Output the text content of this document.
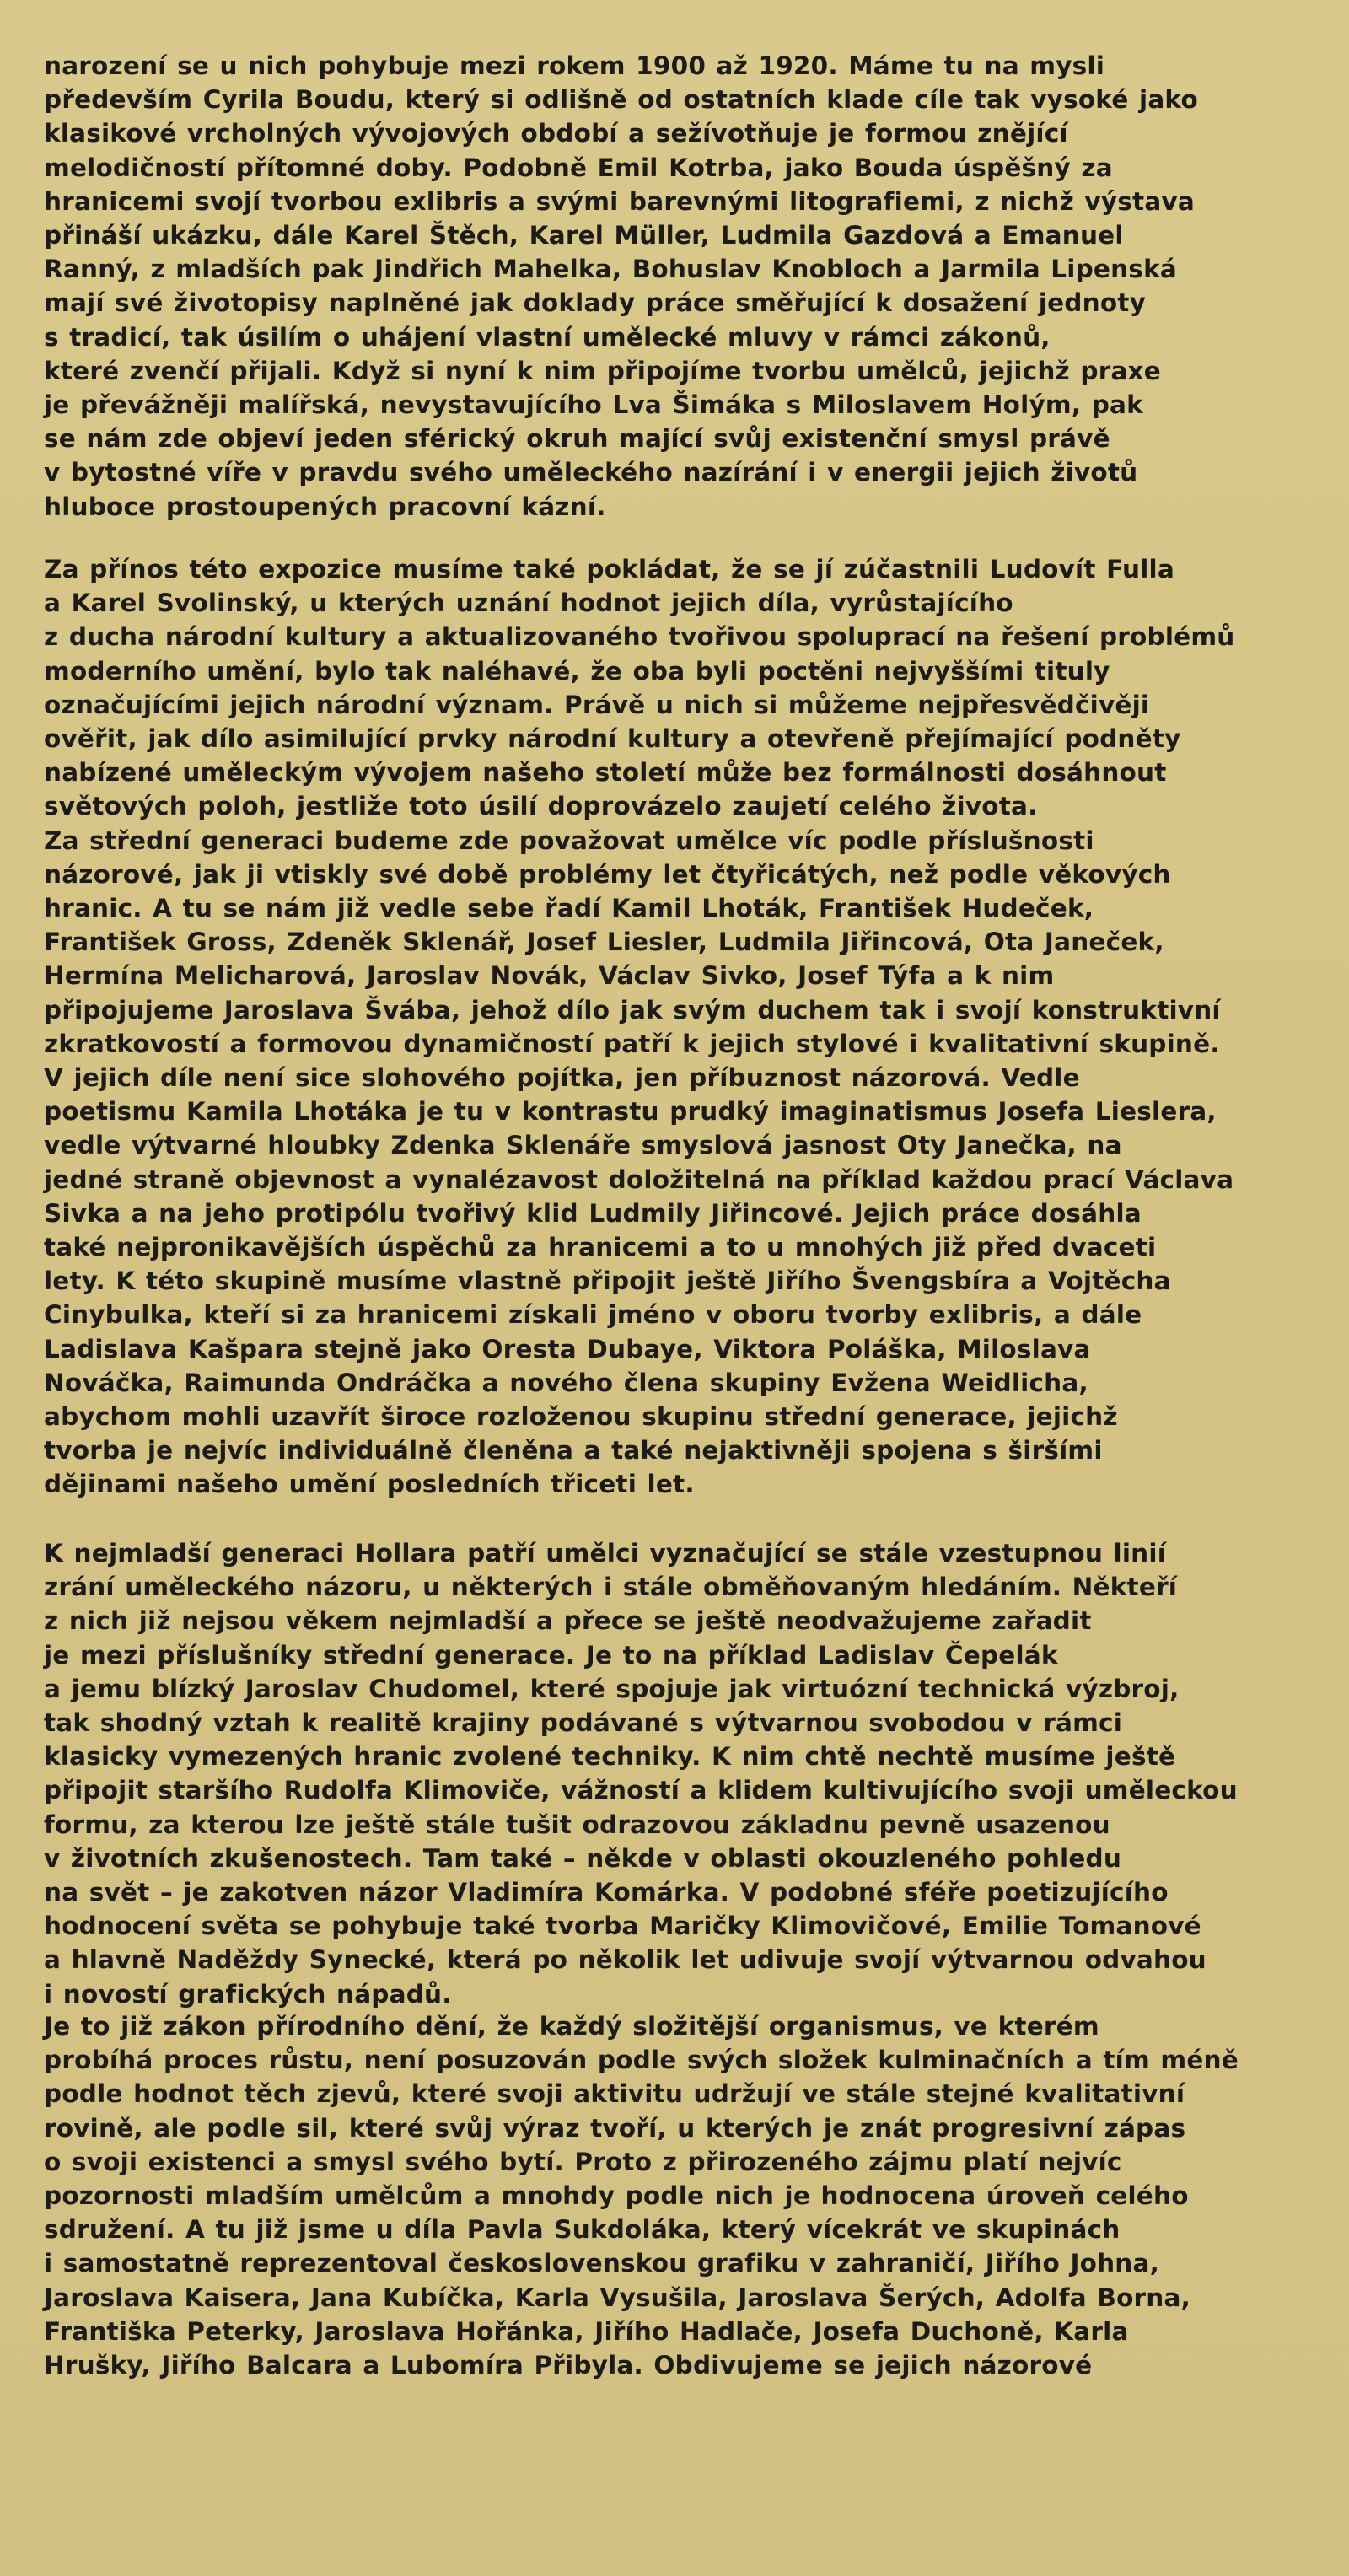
narození se u nich pohybuje mezi rokem 1900 až 1920. Máme tu na mysli
především Cyrila Boudu, který si odlišně od ostatních klade cíle tak vysoké jako
klasikové vrcholných vývojových období a sežívotňuje je formou znějící
melodičností přítomné doby. Podobně Emil Kotrba, jako Bouda úspěšný za
hranicemi svojí tvorbou exlibris a svými barevnými litografiemi, z nichž výstava
přináší ukázku, dále Karel Štěch, Karel Müller, Ludmila Gazdová a Emanuel
Ranný, z mladších pak Jindřich Mahelka, Bohuslav Knobloch a Jarmila Lipenská
mají své životopisy naplněné jak doklady práce směřující k dosažení jednoty
s tradicí, tak úsilím o uhájení vlastní umělecké mluvy v rámci zákonů,
které zvenčí přijali. Když si nyní k nim připojíme tvorbu umělců, jejichž praxe
je převážněji malířská, nevystavujícího Lva Šimáka s Miloslavem Holým, pak
se nám zde objeví jeden sférický okruh mající svůj existenční smysl právě
v bytostné víře v pravdu svého uměleckého nazírání i v energii jejich životů
hluboce prostoupených pracovní kázní.
Za přínos této expozice musíme také pokládat, že se jí zúčastnili Ludovít Fulla
a Karel Svolinský, u kterých uznání hodnot jejich díla, vyrůstajícího
z ducha národní kultury a aktualizovaného tvořivou spoluprací na řešení problémů
moderního umění, bylo tak naléhavé, že oba byli poctěni nejvyššími tituly
označujícími jejich národní význam. Právě u nich si můžeme nejpřesvědčivěji
ověřit, jak dílo asimilující prvky národní kultury a otevřeně přejímající podněty
nabízené uměleckým vývojem našeho století může bez formálnosti dosáhnout
světových poloh, jestliže toto úsilí doprovázelo zaujetí celého života.
Za střední generaci budeme zde považovat umělce víc podle příslušnosti
názorové, jak ji vtiskly své době problémy let čtyřicátých, než podle věkových
hranic. A tu se nám již vedle sebe řadí Kamil Lhoták, František Hudeček,
František Gross, Zdeněk Sklenář, Josef Liesler, Ludmila Jiřincová, Ota Janeček,
Hermína Melicharová, Jaroslav Novák, Václav Sivko, Josef Týfa a k nim
připojujeme Jaroslava Švába, jehož dílo jak svým duchem tak i svojí konstruktivní
zkratkovostí a formovou dynamičností patří k jejich stylové i kvalitativní skupině.
V jejich díle není sice slohového pojítka, jen příbuznost názorová. Vedle
poetismu Kamila Lhotáka je tu v kontrastu prudký imaginatismus Josefa Lieslera,
vedle výtvarné hloubky Zdenka Sklenáře smyslová jasnost Oty Janečka, na
jedné straně objevnost a vynalézavost doložitelná na příklad každou prací Václava
Sivka a na jeho protipólu tvořivý klid Ludmily Jiřincové. Jejich práce dosáhla
také nejpronikavějších úspěchů za hranicemi a to u mnohých již před dvaceti
lety. K této skupině musíme vlastně připojit ještě Jiřího Švengsbíra a Vojtěcha
Cinybulka, kteří si za hranicemi získali jméno v oboru tvorby exlibris, a dále
Ladislava Kašpara stejně jako Oresta Dubaye, Viktora Poláška, Miloslava
Nováčka, Raimunda Ondráčka a nového člena skupiny Evžena Weidlicha,
abychom mohli uzavřít široce rozloženou skupinu střední generace, jejichž
tvorba je nejvíc individuálně členěna a také nejaktivněji spojena s širšími
dějinami našeho umění posledních třiceti let.
K nejmladší generaci Hollara patří umělci vyznačující se stále vzestupnou linií
zrání uměleckého názoru, u některých i stále obměňovaným hledáním. Někteří
z nich již nejsou věkem nejmladší a přece se ještě neodvažujeme zařadit
je mezi příslušníky střední generace. Je to na příklad Ladislav Čepelák
a jemu blízký Jaroslav Chudomel, které spojuje jak virtuózní technická výzbroj,
tak shodný vztah k realitě krajiny podávané s výtvarnou svobodou v rámci
klasicky vymezených hranic zvolené techniky. K nim chtě nechtě musíme ještě
připojit staršího Rudolfa Klimoviče, vážností a klidem kultivujícího svoji uměleckou
formu, za kterou lze ještě stále tušit odrazovou základnu pevně usazenou
v životních zkušenostech. Tam také – někde v oblasti okouzleného pohledu
na svět – je zakotven názor Vladimíra Komárka. V podobné sféře poetizujícího
hodnocení světa se pohybuje také tvorba Maričky Klimovičové, Emilie Tomanové
a hlavně Naděždy Synecké, která po několik let udivuje svojí výtvarnou odvahou
i novostí grafických nápadů.
Je to již zákon přírodního dění, že každý složitější organismus, ve kterém
probíhá proces růstu, není posuzován podle svých složek kulminačních a tím méně
podle hodnot těch zjevů, které svoji aktivitu udržují ve stále stejné kvalitativní
rovině, ale podle sil, které svůj výraz tvoří, u kterých je znát progresivní zápas
o svoji existenci a smysl svého bytí. Proto z přirozeného zájmu platí nejvíc
pozornosti mladším umělcům a mnohdy podle nich je hodnocena úroveň celého
sdružení. A tu již jsme u díla Pavla Sukdoláka, který vícekrát ve skupinách
i samostatně reprezentoval československou grafiku v zahraničí, Jiřího Johna,
Jaroslava Kaisera, Jana Kubíčka, Karla Vysušila, Jaroslava Šerých, Adolfa Borna,
Františka Peterky, Jaroslava Hořánka, Jiřího Hadlače, Josefa Duchoně, Karla
Hrušky, Jiřího Balcara a Lubomíra Přibyla. Obdivujeme se jejich názorové
